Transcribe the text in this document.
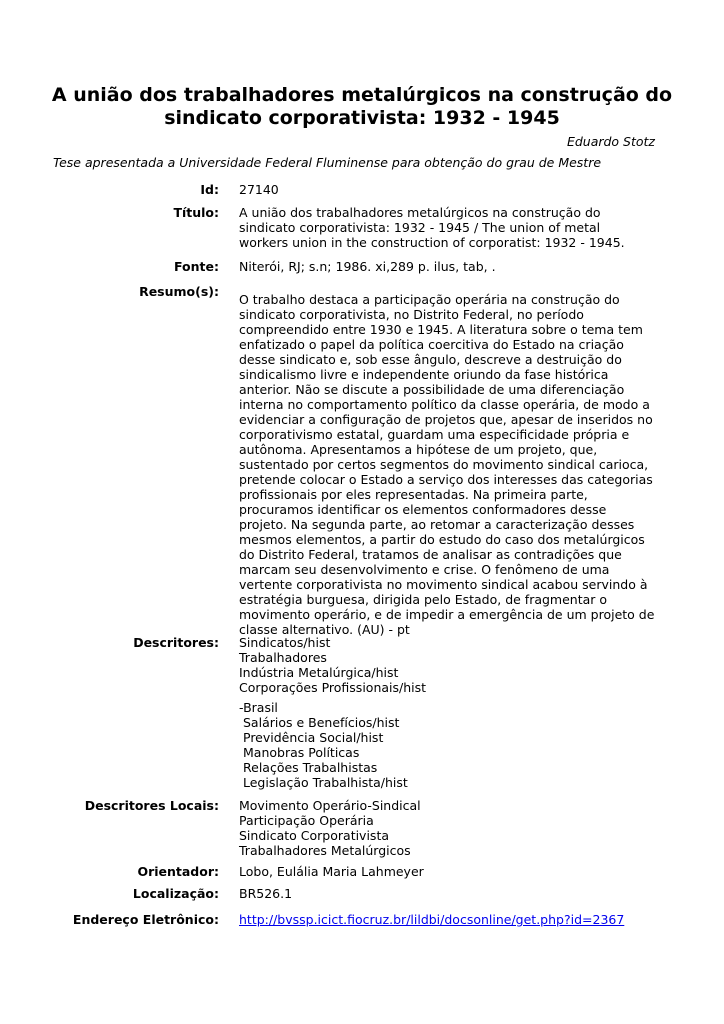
A união dos trabalhadores metalúrgicos na construção do
sindicato corporativista: 1932 - 1945
Eduardo Stotz
Tese apresentada a Universidade Federal Fluminense para obtenção do grau de Mestre
Id: 27140
Título: A união dos trabalhadores metalúrgicos na construção do
sindicato corporativista: 1932 - 1945 / The union of metal
workers union in the construction of corporatist: 1932 - 1945.
Fonte: Niterói, RJ; s.n; 1986. xi,289 p. ilus, tab, .
Resumo(s):
O trabalho destaca a participação operária na construção do
sindicato corporativista, no Distrito Federal, no período
compreendido entre 1930 e 1945. A literatura sobre o tema tem
enfatizado o papel da política coercitiva do Estado na criação
desse sindicato e, sob esse ângulo, descreve a destruição do
sindicalismo livre e independente oriundo da fase histórica
anterior. Não se discute a possibilidade de uma diferenciação
interna no comportamento político da classe operária, de modo a
evidenciar a configuração de projetos que, apesar de inseridos no
corporativismo estatal, guardam uma especificidade própria e
autônoma. Apresentamos a hipótese de um projeto, que,
sustentado por certos segmentos do movimento sindical carioca,
pretende colocar o Estado a serviço dos interesses das categorias
profissionais por eles representadas. Na primeira parte,
procuramos identificar os elementos conformadores desse
projeto. Na segunda parte, ao retomar a caracterização desses
mesmos elementos, a partir do estudo do caso dos metalúrgicos
do Distrito Federal, tratamos de analisar as contradições que
marcam seu desenvolvimento e crise. O fenômeno de uma
vertente corporativista no movimento sindical acabou servindo à
estratégia burguesa, dirigida pelo Estado, de fragmentar o
movimento operário, e de impedir a emergência de um projeto de
classe alternativo. (AU) - pt
Descritores: Sindicatos/hist
Trabalhadores
Indústria Metalúrgica/hist
Corporações Profissionais/hist
-Brasil
Salários e Benefícios/hist
Previdência Social/hist
Manobras Políticas
Relações Trabalhistas
Legislação Trabalhista/hist
Descritores Locais: Movimento Operário-Sindical
Participação Operária
Sindicato Corporativista
Trabalhadores Metalúrgicos
Orientador: Lobo, Eulália Maria Lahmeyer
Localização: BR526.1
Endereço Eletrônico: http://bvssp.icict.fiocruz.br/lildbi/docsonline/get.php?id=2367
